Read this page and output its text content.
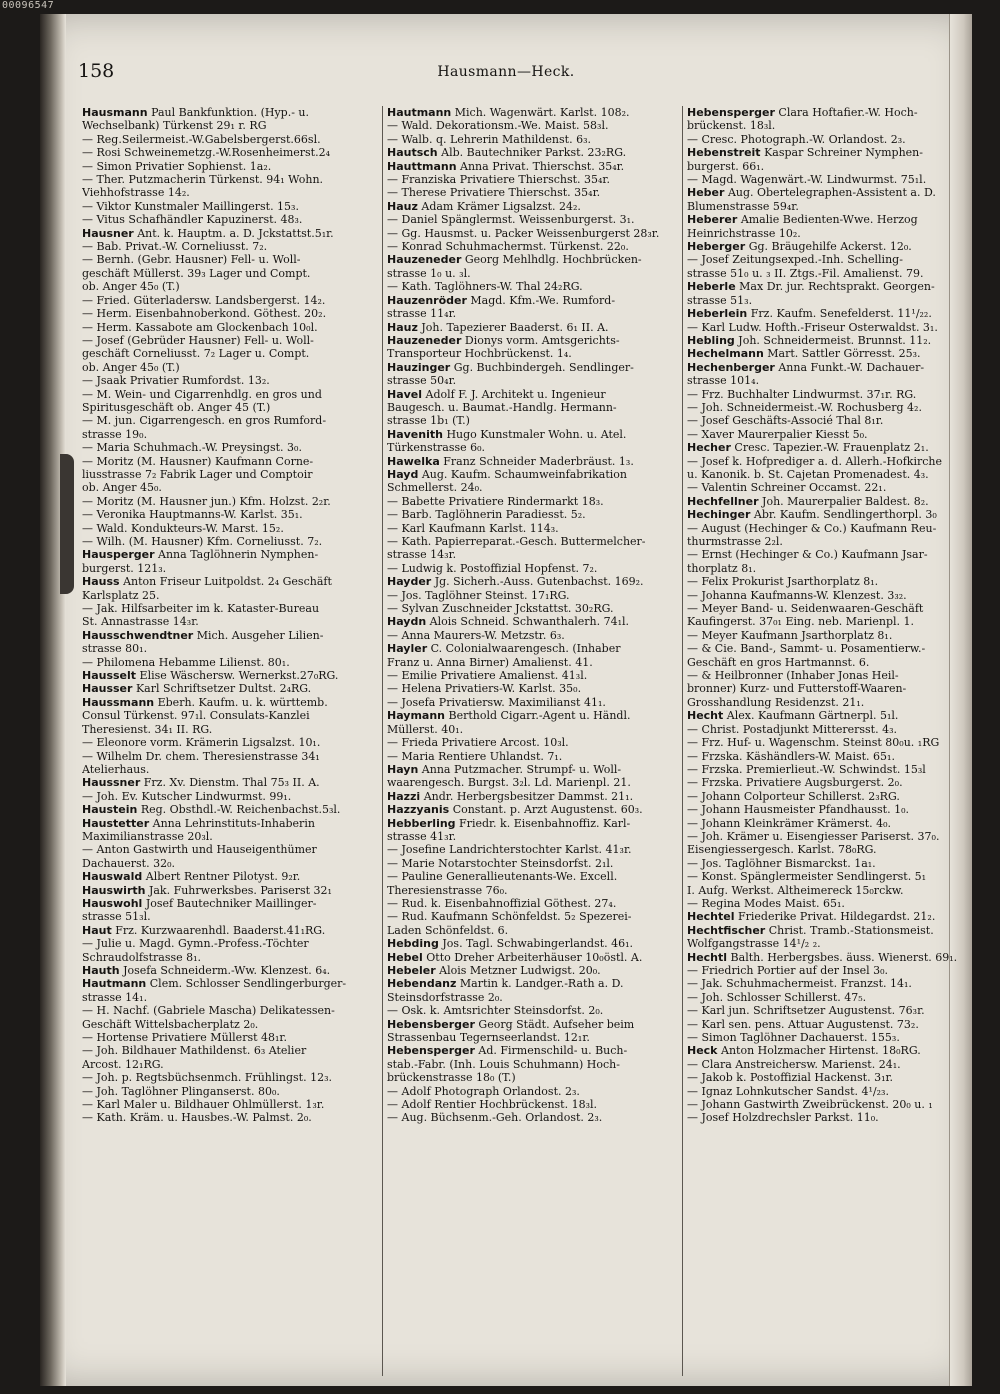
00096547
158	Hausmann—Heck.
Hausmann Paul Bankfunktion. (Hyp.- u.
Wechselbank) Türkenst 29₁ r. RG
— Reg.Seilermeist.-W.Gabelsbergerst.66sl.
— Rosi Schweinemetzg.-W.Rosenheimerst.2₄
— Simon Privatier Sophienst. 1a₂.
— Ther. Putzmacherin Türkenst. 94₁ Wohn.
Viehhofstrasse 14₂.
— Viktor Kunstmaler Maillingerst. 15₃.
— Vitus Schafhändler Kapuzinerst. 48₃.
Hausner Ant. k. Hauptm. a. D. Jckstattst.5₁r.
— Bab. Privat.-W. Corneliusst. 7₂.
— Bernh. (Gebr. Hausner) Fell- u. Woll-
geschäft Müllerst. 39₃ Lager und Compt.
ob. Anger 45₀ (T.)
— Fried. Güterladersw. Landsbergerst. 14₂.
— Herm. Eisenbahnoberkond. Göthest. 20₂.
— Herm. Kassabote am Glockenbach 10₀l.
— Josef (Gebrüder Hausner) Fell- u. Woll-
geschäft Corneliusst. 7₂ Lager u. Compt.
ob. Anger 45₀ (T.)
— Jsaak Privatier Rumfordst. 13₂.
— M. Wein- und Cigarrenhdlg. en gros und
Spiritusgeschäft ob. Anger 45 (T.)
— M. jun. Cigarrengesch. en gros Rumford-
strasse 19₀.
— Maria Schuhmach.-W. Preysingst. 3₀.
— Moritz (M. Hausner) Kaufmann Corne-
liusstrasse 7₂ Fabrik Lager und Comptoir
ob. Anger 45₀.
— Moritz (M. Hausner jun.) Kfm. Holzst. 2₂r.
— Veronika Hauptmanns-W. Karlst. 35₁.
— Wald. Kondukteurs-W. Marst. 15₂.
— Wilh. (M. Hausner) Kfm. Corneliusst. 7₂.
Hausperger Anna Taglöhnerin Nymphen-
burgerst. 121₃.
Hauss Anton Friseur Luitpoldst. 2₄ Geschäft
Karlsplatz 25.
— Jak. Hilfsarbeiter im k. Kataster-Bureau
St. Annastrasse 14₃r.
Hausschwendtner Mich. Ausgeher Lilien-
strasse 80₁.
— Philomena Hebamme Lilienst. 80₁.
Hausselt Elise Wäschersw. Wernerkst.27₀RG.
Hausser Karl Schriftsetzer Dultst. 2₄RG.
Haussmann Eberh. Kaufm. u. k. württemb.
Consul Türkenst. 97₁l. Consulats-Kanzlei
Theresienst. 34₁ II. RG.
— Eleonore vorm. Krämerin Ligsalzst. 10₁.
— Wilhelm Dr. chem. Theresienstrasse 34₁
Atelierhaus.
Haussner Frz. Xv. Dienstm. Thal 75₃ II. A.
— Joh. Ev. Kutscher Lindwurmst. 99₁.
Haustein Reg. Obsthdl.-W. Reichenbachst.5₃l.
Haustetter Anna Lehrinstituts-Inhaberin
Maximilianstrasse 20₃l.
— Anton Gastwirth und Hauseigenthümer
Dachauerst. 32₀.
Hauswald Albert Rentner Pilotyst. 9₂r.
Hauswirth Jak. Fuhrwerksbes. Pariserst 32₁
Hauswohl Josef Bautechniker Maillinger-
strasse 51₃l.
Haut Frz. Kurzwaarenhdl. Baaderst.41₁RG.
— Julie u. Magd. Gymn.-Profess.-Töchter
Schraudolfstrasse 8₁.
Hauth Josefa Schneiderm.-Ww. Klenzest. 6₄.
Hautmann Clem. Schlosser Sendlingerburger-
strasse 14₁.
— H. Nachf. (Gabriele Mascha) Delikatessen-
Geschäft Wittelsbacherplatz 2₀.
— Hortense Privatiere Müllerst 48₁r.
— Joh. Bildhauer Mathildenst. 6₃ Atelier
Arcost. 12₁RG.
— Joh. p. Regtsbüchsenmch. Frühlingst. 12₃.
— Joh. Taglöhner Plinganserst. 80₀.
— Karl Maler u. Bildhauer Ohlmüllerst. 1₃r.
— Kath. Kräm. u. Hausbes.-W. Palmst. 2₀.
Hautmann Mich. Wagenwärt. Karlst. 108₂.
— Wald. Dekorationsm.-We. Maist. 58₃l.
— Walb. q. Lehrerin Mathildenst. 6₃.
Hautsch Alb. Bautechniker Parkst. 23₂RG.
Hauttmann Anna Privat. Thierschst. 35₄r.
— Franziska Privatiere Thierschst. 35₄r.
— Therese Privatiere Thierschst. 35₄r.
Hauz Adam Krämer Ligsalzst. 24₂.
— Daniel Spänglermst. Weissenburgerst. 3₁.
— Gg. Hausmst. u. Packer Weissenburgerst 28₃r.
— Konrad Schuhmachermst. Türkenst. 22₀.
Hauzeneder Georg Mehlhdlg. Hochbrücken-
strasse 1₀ u. ₃l.
— Kath. Taglöhners-W. Thal 24₂RG.
Hauzenröder Magd. Kfm.-We. Rumford-
strasse 11₄r.
Hauz Joh. Tapezierer Baaderst. 6₁ II. A.
Hauzeneder Dionys vorm. Amtsgerichts-
Transporteur Hochbrückenst. 1₄.
Hauzinger Gg. Buchbindergeh. Sendlinger-
strasse 50₄r.
Havel Adolf F. J. Architekt u. Ingenieur
Baugesch. u. Baumat.-Handlg. Hermann-
strasse 1b₁ (T.)
Havenith Hugo Kunstmaler Wohn. u. Atel.
Türkenstrasse 6₀.
Hawelka Franz Schneider Maderbräust. 1₃.
Hayd Aug. Kaufm. Schaumweinfabrikation
Schmellerst. 24₀.
— Babette Privatiere Rindermarkt 18₃.
— Barb. Taglöhnerin Paradiesst. 5₂.
— Karl Kaufmann Karlst. 114₃.
— Kath. Papierreparat.-Gesch. Buttermelcher-
strasse 14₃r.
— Ludwig k. Postoffizial Hopfenst. 7₂.
Hayder Jg. Sicherh.-Auss. Gutenbachst. 169₂.
— Jos. Taglöhner Steinst. 17₁RG.
— Sylvan Zuschneider Jckstattst. 30₂RG.
Haydn Alois Schneid. Schwanthalerh. 74₁l.
— Anna Maurers-W. Metzstr. 6₃.
Hayler C. Colonialwaarengesch. (Inhaber
Franz u. Anna Birner) Amalienst. 41.
— Emilie Privatiere Amalienst. 41₃l.
— Helena Privatiers-W. Karlst. 35₀.
— Josefa Privatiersw. Maximilianst 41₁.
Haymann Berthold Cigarr.-Agent u. Händl.
Müllerst. 40₁.
— Frieda Privatiere Arcost. 10₃l.
— Maria Rentiere Uhlandst. 7₁.
Hayn Anna Putzmacher. Strumpf- u. Woll-
waarengesch. Burgst. 3₂l. Ld. Marienpl. 21.
Hazzi Andr. Herbergsbesitzer Dammst. 21₁.
Hazzyanis Constant. p. Arzt Augustenst. 60₃.
Hebberling Friedr. k. Eisenbahnoffiz. Karl-
strasse 41₃r.
— Josefine Landrichterstochter Karlst. 41₃r.
— Marie Notarstochter Steinsdorfst. 2₁l.
— Pauline Generallieutenants-We. Excell.
Theresienstrasse 76₀.
— Rud. k. Eisenbahnoffizial Göthest. 27₄.
— Rud. Kaufmann Schönfeldst. 5₂ Spezerei-
Laden Schönfeldst. 6.
Hebding Jos. Tagl. Schwabingerlandst. 46₁.
Hebel Otto Dreher Arbeiterhäuser 10₀östl. A.
Hebeler Alois Metzner Ludwigst. 20₀.
Hebendanz Martin k. Landger.-Rath a. D.
Steinsdorfstrasse 2₀.
— Osk. k. Amtsrichter Steinsdorfst. 2₀.
Hebensberger Georg Städt. Aufseher beim
Strassenbau Tegernseerlandst. 12₁r.
Hebensperger Ad. Firmenschild- u. Buch-
stab.-Fabr. (Inh. Louis Schuhmann) Hoch-
brückenstrasse 18₀ (T.)
— Adolf Photograph Orlandost. 2₃.
— Adolf Rentier Hochbrückenst. 18₃l.
— Aug. Büchsenm.-Geh. Orlandost. 2₃.
Hebensperger Clara Hoftafier.-W. Hoch-
brückenst. 18₃l.
— Cresc. Photograph.-W. Orlandost. 2₃.
Hebenstreit Kaspar Schreiner Nymphen-
burgerst. 66₁.
— Magd. Wagenwärt.-W. Lindwurmst. 75₁l.
Heber Aug. Obertelegraphen-Assistent a. D.
Blumenstrasse 59₄r.
Heberer Amalie Bedienten-Wwe. Herzog
Heinrichstrasse 10₂.
Heberger Gg. Bräugehilfe Ackerst. 12₀.
— Josef Zeitungsexped.-Inh. Schelling-
strasse 51₀ u. ₃ II. Ztgs.-Fil. Amalienst. 79.
Heberle Max Dr. jur. Rechtsprakt. Georgen-
strasse 51₃.
Heberlein Frz. Kaufm. Senefelderst. 11¹/₂₂.
— Karl Ludw. Hofth.-Friseur Osterwaldst. 3₁.
Hebling Joh. Schneidermeist. Brunnst. 11₂.
Hechelmann Mart. Sattler Görresst. 25₃.
Hechenberger Anna Funkt.-W. Dachauer-
strasse 101₄.
— Frz. Buchhalter Lindwurmst. 37₁r. RG.
— Joh. Schneidermeist.-W. Rochusberg 4₂.
— Josef Geschäfts-Associé Thal 8₁r.
— Xaver Maurerpalier Kiesst 5₀.
Hecher Cresc. Tapezier.-W. Frauenplatz 2₁.
— Josef k. Hofprediger a. d. Allerh.-Hofkirche
u. Kanonik. b. St. Cajetan Promenadest. 4₃.
— Valentin Schreiner Occamst. 22₁.
Hechfellner Joh. Maurerpalier Baldest. 8₂.
Hechinger Abr. Kaufm. Sendlingerthorpl. 3₀
— August (Hechinger & Co.) Kaufmann Reu-
thurmstrasse 2₂l.
— Ernst (Hechinger & Co.) Kaufmann Jsar-
thorplatz 8₁.
— Felix Prokurist Jsarthorplatz 8₁.
— Johanna Kaufmanns-W. Klenzest. 3₃₂.
— Meyer Band- u. Seidenwaaren-Geschäft
Kaufingerst. 37₀₁ Eing. neb. Marienpl. 1.
— Meyer Kaufmann Jsarthorplatz 8₁.
— & Cie. Band-, Sammt- u. Posamentierw.-
Geschäft en gros Hartmannst. 6.
— & Heilbronner (Inhaber Jonas Heil-
bronner) Kurz- und Futterstoff-Waaren-
Grosshandlung Residenzst. 21₁.
Hecht Alex. Kaufmann Gärtnerpl. 5₁l.
— Christ. Postadjunkt Mitterersst. 4₃.
— Frz. Huf- u. Wagenschm. Steinst 80₀u. ₁RG
— Frzska. Käshändlers-W. Maist. 65₁.
— Frzska. Premierlieut.-W. Schwindst. 15₃l
— Frzska. Privatiere Augsburgerst. 2₀.
— Johann Colporteur Schillerst. 2₃RG.
— Johann Hausmeister Pfandhausst. 1₀.
— Johann Kleinkrämer Krämerst. 4₀.
— Joh. Krämer u. Eisengiesser Pariserst. 37₀.
Eisengiessergesch. Karlst. 78₀RG.
— Jos. Taglöhner Bismarckst. 1a₁.
— Konst. Spänglermeister Sendlingerst. 5₁
I. Aufg. Werkst. Altheimereck 15₀rckw.
— Regina Modes Maist. 65₁.
Hechtel Friederike Privat. Hildegardst. 21₂.
Hechtfischer Christ. Tramb.-Stationsmeist.
Wolfgangstrasse 14¹/₂ ₂.
Hechtl Balth. Herbergsbes. äuss. Wienerst. 69₁.
— Friedrich Portier auf der Insel 3₀.
— Jak. Schuhmachermeist. Franzst. 14₁.
— Joh. Schlosser Schillerst. 47₅.
— Karl jun. Schriftsetzer Augustenst. 76₃r.
— Karl sen. pens. Attuar Augustenst. 73₂.
— Simon Taglöhner Dachauerst. 155₃.
Heck Anton Holzmacher Hirtenst. 18₀RG.
— Clara Anstreichersw. Marienst. 24₁.
— Jakob k. Postoffizial Hackenst. 3₁r.
— Ignaz Lohnkutscher Sandst. 4¹/₂₃.
— Johann Gastwirth Zweibrückenst. 20₀ u. ₁
— Josef Holzdrechsler Parkst. 11₀.
